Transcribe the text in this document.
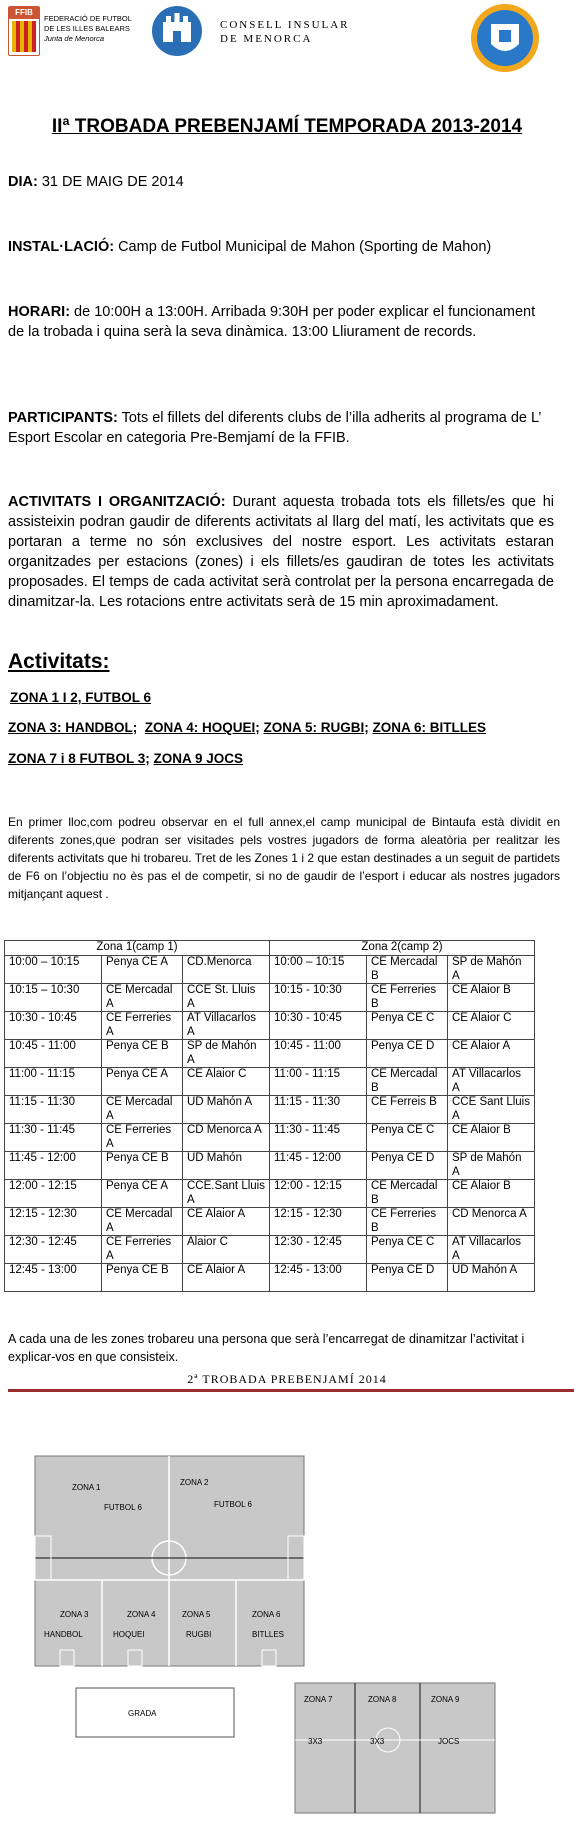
FFIB
FEDERACIÓ DE FUTBOL
DE LES ILLES BALEARS
Junta de Menorca
CONSELL INSULAR
DE MENORCA
IIª TROBADA PREBENJAMÍ TEMPORADA 2013-2014
DIA: 31 DE MAIG DE 2014
INSTAL·LACIÓ: Camp de Futbol Municipal de Mahon (Sporting de Mahon)
HORARI: de 10:00H a 13:00H. Arribada 9:30H per poder explicar el funcionament de la trobada i quina serà la seva dinàmica. 13:00 Lliurament de records.
PARTICIPANTS: Tots el fillets del diferents clubs de l’illa adherits al programa de L’ Esport Escolar en categoria Pre-Bemjamí de la FFIB.
ACTIVITATS I ORGANITZACIÓ: Durant aquesta trobada tots els fillets/es que hi assisteixin podran gaudir de diferents activitats al llarg del matí, les activitats que es portaran a terme no són exclusives del nostre esport. Les activitats estaran organitzades per estacions (zones) i els fillets/es gaudiran de totes les activitats proposades. El temps de cada activitat serà controlat per la persona encarregada de dinamitzar-la. Les rotacions entre activitats serà de 15 min aproximadament.
Activitats:
ZONA 1 I 2, FUTBOL 6
ZONA 3: HANDBOL;  ZONA 4: HOQUEI; ZONA 5: RUGBI; ZONA 6: BITLLES
ZONA 7 i 8 FUTBOL 3; ZONA 9 JOCS
En primer lloc,com podreu observar en el full annex,el camp municipal de Bintaufa està dividit en diferents zones,que podran ser visitades pels vostres jugadors de forma aleatòria per realitzar les diferents activitats que hi trobareu. Tret de les Zones 1 i 2 que estan destinades a un seguit de partidets de F6 on l’objectiu no ès pas el de competir, si no de gaudir de l’esport i educar als nostres jugadors mitjançant aquest .
Zona 1(camp 1)			Zona 2(camp 2)		
10:00 – 10:15	Penya CE A	CD.Menorca	10:00 – 10:15	CE Mercadal B	SP de Mahón A
10:15 – 10:30	CE Mercadal A	CCE St. Lluis A	10:15 - 10:30	CE Ferreries B	CE Alaior B
10:30 - 10:45	CE Ferreries A	AT Villacarlos A	10:30 - 10:45	Penya CE C	CE Alaior C
10:45 - 11:00	Penya CE B	SP de Mahón A	10:45 - 11:00	Penya CE D	CE Alaior A
11:00 - 11:15	Penya CE A	CE Alaior C	11:00 - 11:15	CE Mercadal B	AT Villacarlos A
11:15 - 11:30	CE Mercadal A	UD Mahón A	11:15 - 11:30	CE Ferreis B	CCE Sant Lluis A
11:30 - 11:45	CE Ferreries A	CD Menorca A	11:30 - 11:45	Penya CE C	CE Alaior B
11:45 - 12:00	Penya CE B	UD Mahón	11:45 - 12:00	Penya CE D	SP de Mahón A
12:00 - 12:15	Penya CE A	CCE.Sant Lluis A	12:00 - 12:15	CE Mercadal B	CE Alaior B
12:15 - 12:30	CE Mercadal A	CE Alaior A	12:15 - 12:30	CE Ferreries B	CD Menorca A
12:30 - 12:45	CE Ferreries A	Alaior C	12:30 - 12:45	Penya CE C	AT Villacarlos A
12:45 - 13:00	Penya CE B	CE Alaior A	12:45 - 13:00	Penya CE D	UD Mahón A
A cada una de les zones trobareu una persona que serà l’encarregat de dinamitzar l’activitat i explicar-vos en que consisteix.
2ª TROBADA PREBENJAMÍ 2014
ZONA 1
ZONA 2
FUTBOL 6	FUTBOL 6
ZONA 3	ZONA 4	ZONA 5	ZONA 6
HANDBOL	HOQUEI	RUGBI	BITLLES
GRADA
ZONA 7	ZONA 8	ZONA 9
3X3	3X3	JOCS
